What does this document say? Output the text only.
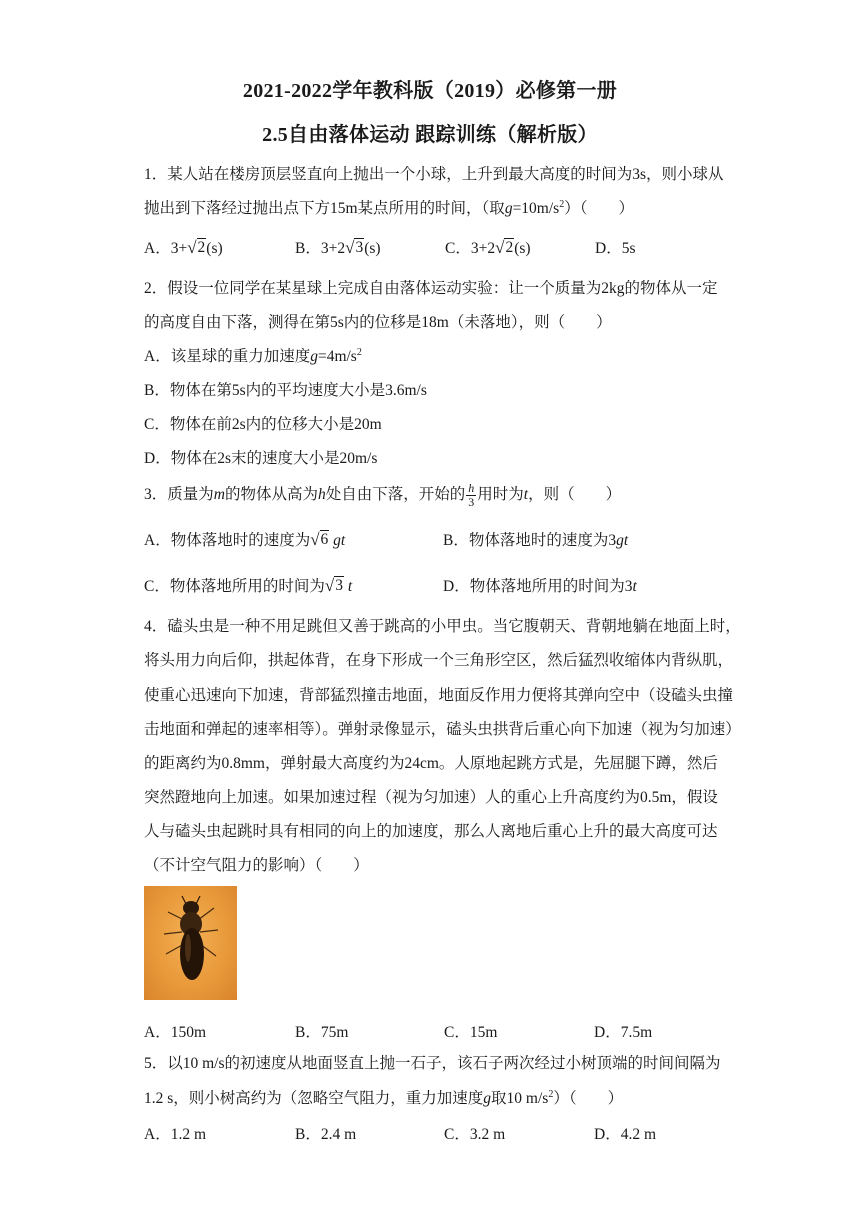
2021-2022学年教科版（2019）必修第一册
2.5自由落体运动 跟踪训练（解析版）
1．某人站在楼房顶层竖直向上抛出一个小球，上升到最大高度的时间为3s，则小球从
抛出到下落经过抛出点下方15m某点所用的时间，（取$g=10m/s^2$）（　　）
A．3+ √ 2 (s)	B．3+2 √ 3 (s)	C．3+2 √ 2 (s)	D．5s
2．假设一位同学在某星球上完成自由落体运动实验：让一个质量为2kg的物体从一定
的高度自由下落，测得在第5s内的位移是18m（未落地），则（　　）
A．该星球的重力加速度$g=4m/s^2$
B．物体在第5s内的平均速度大小是3.6m/s
C．物体在前2s内的位移大小是20m
D．物体在2s末的速度大小是20m/s
3．质量为m的物体从高为h处自由下落，开始的 $\frac{h}{3}$ 用时为t，则（　　）
A．物体落地时的速度为 √ 6 gt	B．物体落地时的速度为3gt
C．物体落地所用的时间为 √ 3 t	D．物体落地所用的时间为3t
4．磕头虫是一种不用足跳但又善于跳高的小甲虫。当它腹朝天、背朝地躺在地面上时，
将头用力向后仰，拱起体背，在身下形成一个三角形空区，然后猛烈收缩体内背纵肌，
使重心迅速向下加速，背部猛烈撞击地面，地面反作用力便将其弹向空中（设磕头虫撞
击地面和弹起的速率相等）。弹射录像显示，磕头虫拱背后重心向下加速（视为匀加速）
的距离约为0.8mm，弹射最大高度约为24cm。人原地起跳方式是，先屈腿下蹲，然后
突然蹬地向上加速。如果加速过程（视为匀加速）人的重心上升高度约为0.5m，假设
人与磕头虫起跳时具有相同的向上的加速度，那么人离地后重心上升的最大高度可达
（不计空气阻力的影响）（　　）
A．150m	B．75m	C．15m	D．7.5m
5．以10 m/s的初速度从地面竖直上抛一石子，该石子两次经过小树顶端的时间间隔为
1.2 s，则小树高约为（忽略空气阻力，重力加速度g取10 $m/s^2$）（　　）
A．1.2 m	B．2.4 m	C．3.2 m	D．4.2 m
